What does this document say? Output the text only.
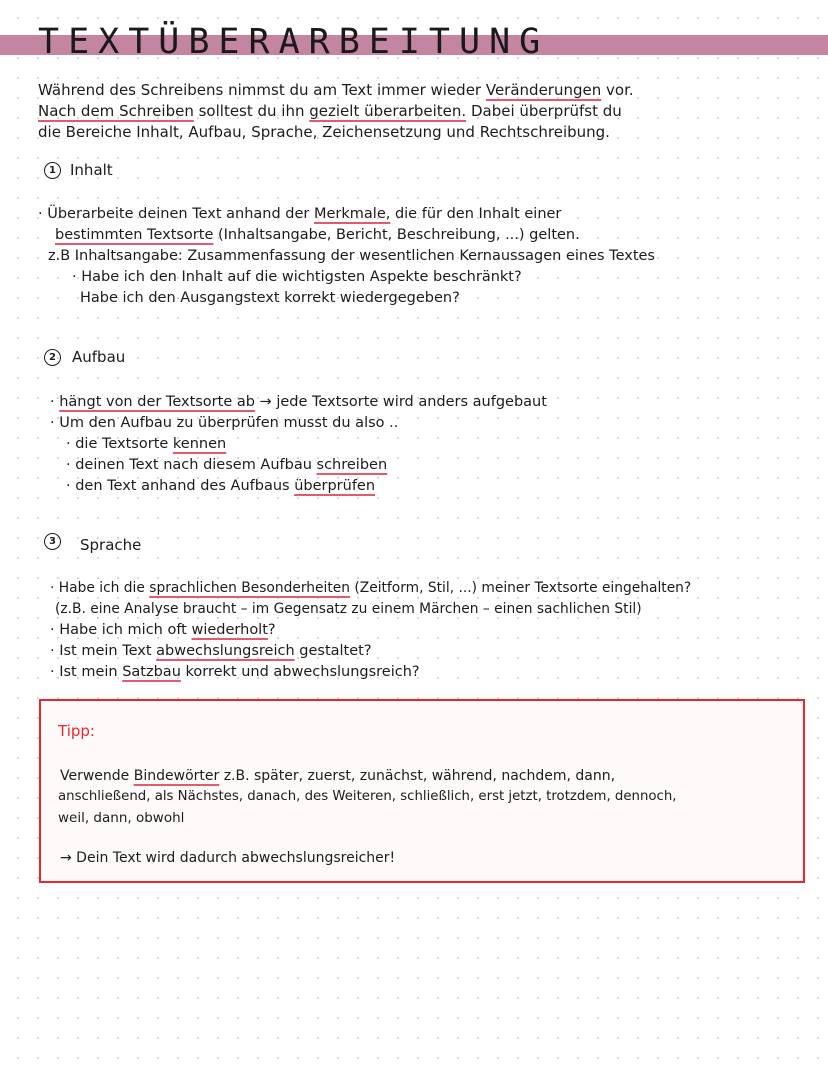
TEXTÜBERARBEITUNG
Während des Schreibens nimmst du am Text immer wieder Veränderungen vor.
Nach dem Schreiben solltest du ihn gezielt überarbeiten. Dabei überprüfst du
die Bereiche Inhalt, Aufbau, Sprache, Zeichensetzung und Rechtschreibung.
1 Inhalt
· Überarbeite deinen Text anhand der Merkmale, die für den Inhalt einer
bestimmten Textsorte (Inhaltsangabe, Bericht, Beschreibung, ...) gelten.
z.B Inhaltsangabe: Zusammenfassung der wesentlichen Kernaussagen eines Textes
· Habe ich den Inhalt auf die wichtigsten Aspekte beschränkt?
Habe ich den Ausgangstext korrekt wiedergegeben?
2	Aufbau
· hängt von der Textsorte ab → jede Textsorte wird anders aufgebaut
· Um den Aufbau zu überprüfen musst du also ..
· die Textsorte kennen
· deinen Text nach diesem Aufbau schreiben
· den Text anhand des Aufbaus überprüfen
3	Sprache
· Habe ich die sprachlichen Besonderheiten (Zeitform, Stil, ...) meiner Textsorte eingehalten?
(z.B. eine Analyse braucht – im Gegensatz zu einem Märchen – einen sachlichen Stil)
· Habe ich mich oft wiederholt?
· Ist mein Text abwechslungsreich gestaltet?
· Ist mein Satzbau korrekt und abwechslungsreich?
Tipp:
Verwende Bindewörter z.B. später, zuerst, zunächst, während, nachdem, dann,
anschließend, als Nächstes, danach, des Weiteren, schließlich, erst jetzt, trotzdem, dennoch,
weil, dann, obwohl
→ Dein Text wird dadurch abwechslungsreicher!
